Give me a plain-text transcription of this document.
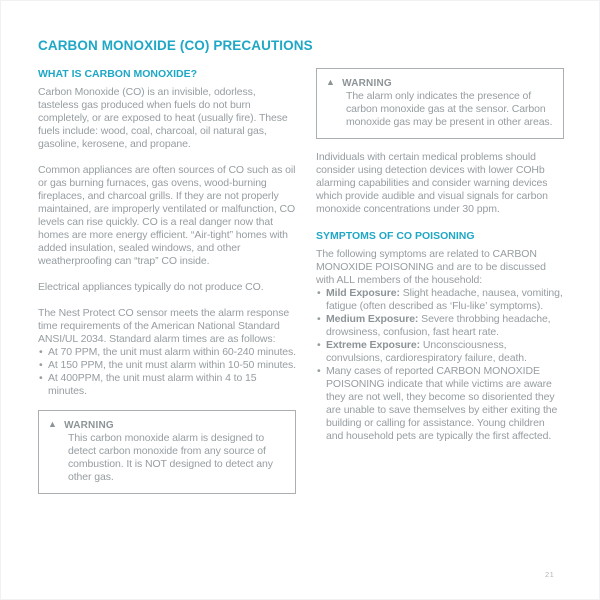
CARBON MONOXIDE (CO) PRECAUTIONS
WHAT IS CARBON MONOXIDE?

Carbon Monoxide (CO) is an invisible, odorless, tasteless gas produced when fuels do not burn completely, or are exposed to heat (usually fire). These fuels include: wood, coal, charcoal, oil natural gas, gasoline, kerosene, and propane.

Common appliances are often sources of CO such as oil or gas burning furnaces, gas ovens, wood-burning fireplaces, and charcoal grills. If they are not properly maintained, are improperly ventilated or malfunction, CO levels can rise quickly. CO is a real danger now that homes are more energy efficient. “Air-tight” homes with added insulation, sealed windows, and other weatherproofing can “trap” CO inside.

Electrical appliances typically do not produce CO.

The Nest Protect CO sensor meets the alarm response time requirements of the American National Standard ANSI/UL 2034. Standard alarm times are as follows:

• At 70 PPM, the unit must alarm within 60-240 minutes.
• At 150 PPM, the unit must alarm within 10-50 minutes.
• At 400PPM, the unit must alarm within 4 to 15 minutes.
▲ WARNING
This carbon monoxide alarm is designed to detect carbon monoxide from any source of combustion. It is NOT designed to detect any other gas.
▲ WARNING
The alarm only indicates the presence of carbon monoxide gas at the sensor. Carbon monoxide gas may be present in other areas.

Individuals with certain medical problems should consider using detection devices with lower COHb alarming capabilities and consider warning devices which provide audible and visual signals for carbon monoxide concentrations under 30 ppm.

SYMPTOMS OF CO POISONING

The following symptoms are related to CARBON MONOXIDE POISONING and are to be discussed with ALL members of the household:

• Mild Exposure: Slight headache, nausea, vomiting, fatigue (often described as ‘Flu-like’ symptoms).
• Medium Exposure: Severe throbbing headache, drowsiness, confusion, fast heart rate.
• Extreme Exposure: Unconsciousness, convulsions, cardiorespiratory failure, death.
• Many cases of reported CARBON MONOXIDE POISONING indicate that while victims are aware they are not well, they become so disoriented they are unable to save themselves by either exiting the building or calling for assistance. Young children and household pets are typically the first affected.
21
